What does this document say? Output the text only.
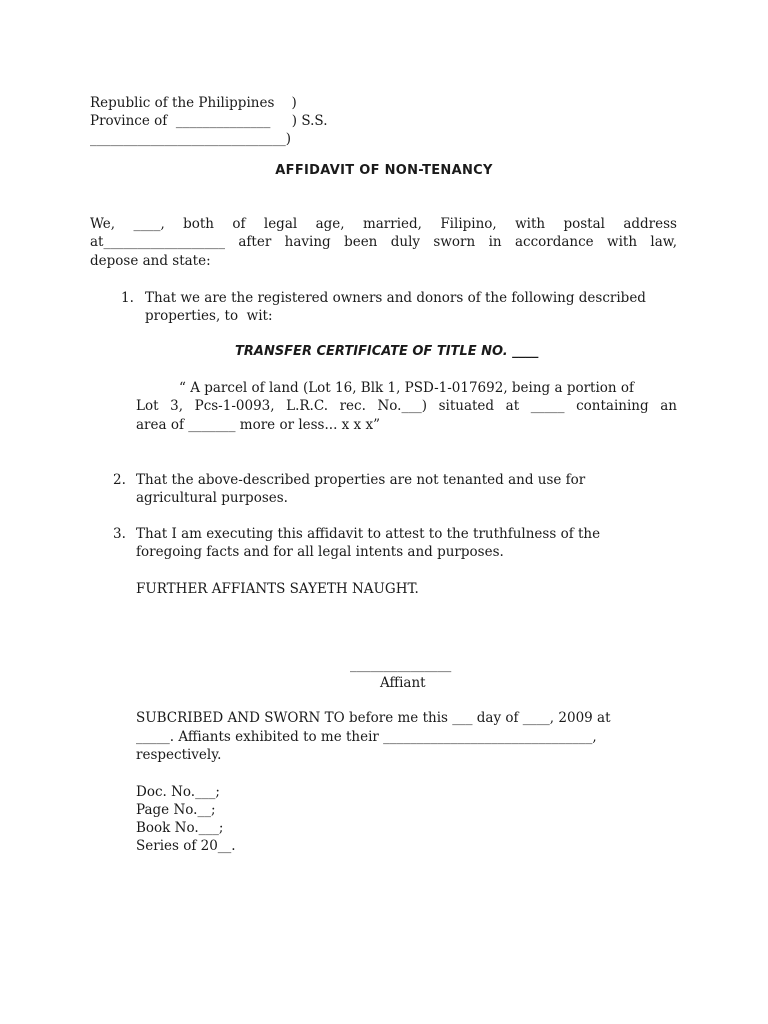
Republic of the Philippines    )
Province of  ______________     ) S.S.
_____________________________)
AFFIDAVIT OF NON-TENANCY
We, ____, both of legal age, married, Filipino, with postal address
at__________________ after having been duly sworn in accordance with law,
depose and state:
1. That we are the registered owners and donors of the following described
properties, to  wit:
TRANSFER CERTIFICATE OF TITLE NO. ____
“ A parcel of land (Lot 16, Blk 1, PSD-1-017692, being a portion of
Lot 3, Pcs-1-0093, L.R.C. rec. No.___) situated at _____ containing an
area of _______ more or less... x x x”
2. That the above-described properties are not tenanted and use for
agricultural purposes.
3. That I am executing this affidavit to attest to the truthfulness of the
foregoing facts and for all legal intents and purposes.
FURTHER AFFIANTS SAYETH NAUGHT.
_______________
Affiant
SUBCRIBED AND SWORN TO before me this ___ day of ____, 2009 at
_____. Affiants exhibited to me their _______________________________,
respectively.
Doc. No.___;
Page No.__;
Book No.___;
Series of 20__.
